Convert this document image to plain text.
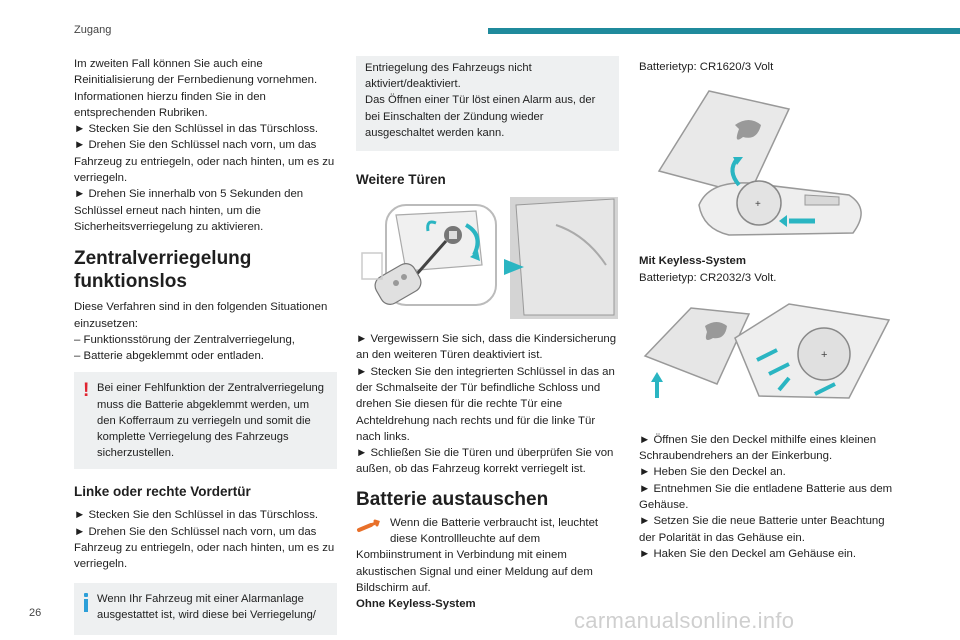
Zugang

Im zweiten Fall können Sie auch eine Reinitialisierung der Fernbedienung vornehmen.

Informationen hierzu finden Sie in den entsprechenden Rubriken.

► Stecken Sie den Schlüssel in das Türschloss.

► Drehen Sie den Schlüssel nach vorn, um das Fahrzeug zu entriegeln, oder nach hinten, um es zu verriegeln.

► Drehen Sie innerhalb von 5 Sekunden den Schlüssel erneut nach hinten, um die Sicherheitsverriegelung zu aktivieren.

Zentralverriegelung funktionslos

Diese Verfahren sind in den folgenden Situationen einzusetzen:

– Funktionsstörung der Zentralverriegelung,

– Batterie abgeklemmt oder entladen.

! Bei einer Fehlfunktion der Zentralverriegelung muss die Batterie abgeklemmt werden, um den Kofferraum zu verriegeln und somit die komplette Verriegelung des Fahrzeugs sicherzustellen.

Linke oder rechte Vordertür

► Stecken Sie den Schlüssel in das Türschloss.

► Drehen Sie den Schlüssel nach vorn, um das Fahrzeug zu entriegeln, oder nach hinten, um es zu verriegeln.

Wenn Ihr Fahrzeug mit einer Alarmanlage ausgestattet ist, wird diese bei Verriegelung/

Entriegelung des Fahrzeugs nicht aktiviert/deaktiviert.

Das Öffnen einer Tür löst einen Alarm aus, der bei Einschalten der Zündung wieder ausgeschaltet werden kann.

Weitere Türen

► Vergewissern Sie sich, dass die Kindersicherung an den weiteren Türen deaktiviert ist.

► Stecken Sie den integrierten Schlüssel in das an der Schmalseite der Tür befindliche Schloss und drehen Sie diesen für die rechte Tür eine Achteldrehung nach rechts und für die linke Tür nach links.

► Schließen Sie die Türen und überprüfen Sie von außen, ob das Fahrzeug korrekt verriegelt ist.

Batterie austauschen

Wenn die Batterie verbraucht ist, leuchtet diese Kontrollleuchte auf dem Kombiinstrument in Verbindung mit einem akustischen Signal und einer Meldung auf dem Bildschirm auf.

Ohne Keyless-System

Batterietyp: CR1620/3 Volt

+

Mit Keyless-System

Batterietyp: CR2032/3 Volt.

+

► Öffnen Sie den Deckel mithilfe eines kleinen Schraubendrehers an der Einkerbung.

► Heben Sie den Deckel an.

► Entnehmen Sie die entladene Batterie aus dem Gehäuse.

► Setzen Sie die neue Batterie unter Beachtung der Polarität in das Gehäuse ein.

► Haken Sie den Deckel am Gehäuse ein.

26	carmanualsonline.info
